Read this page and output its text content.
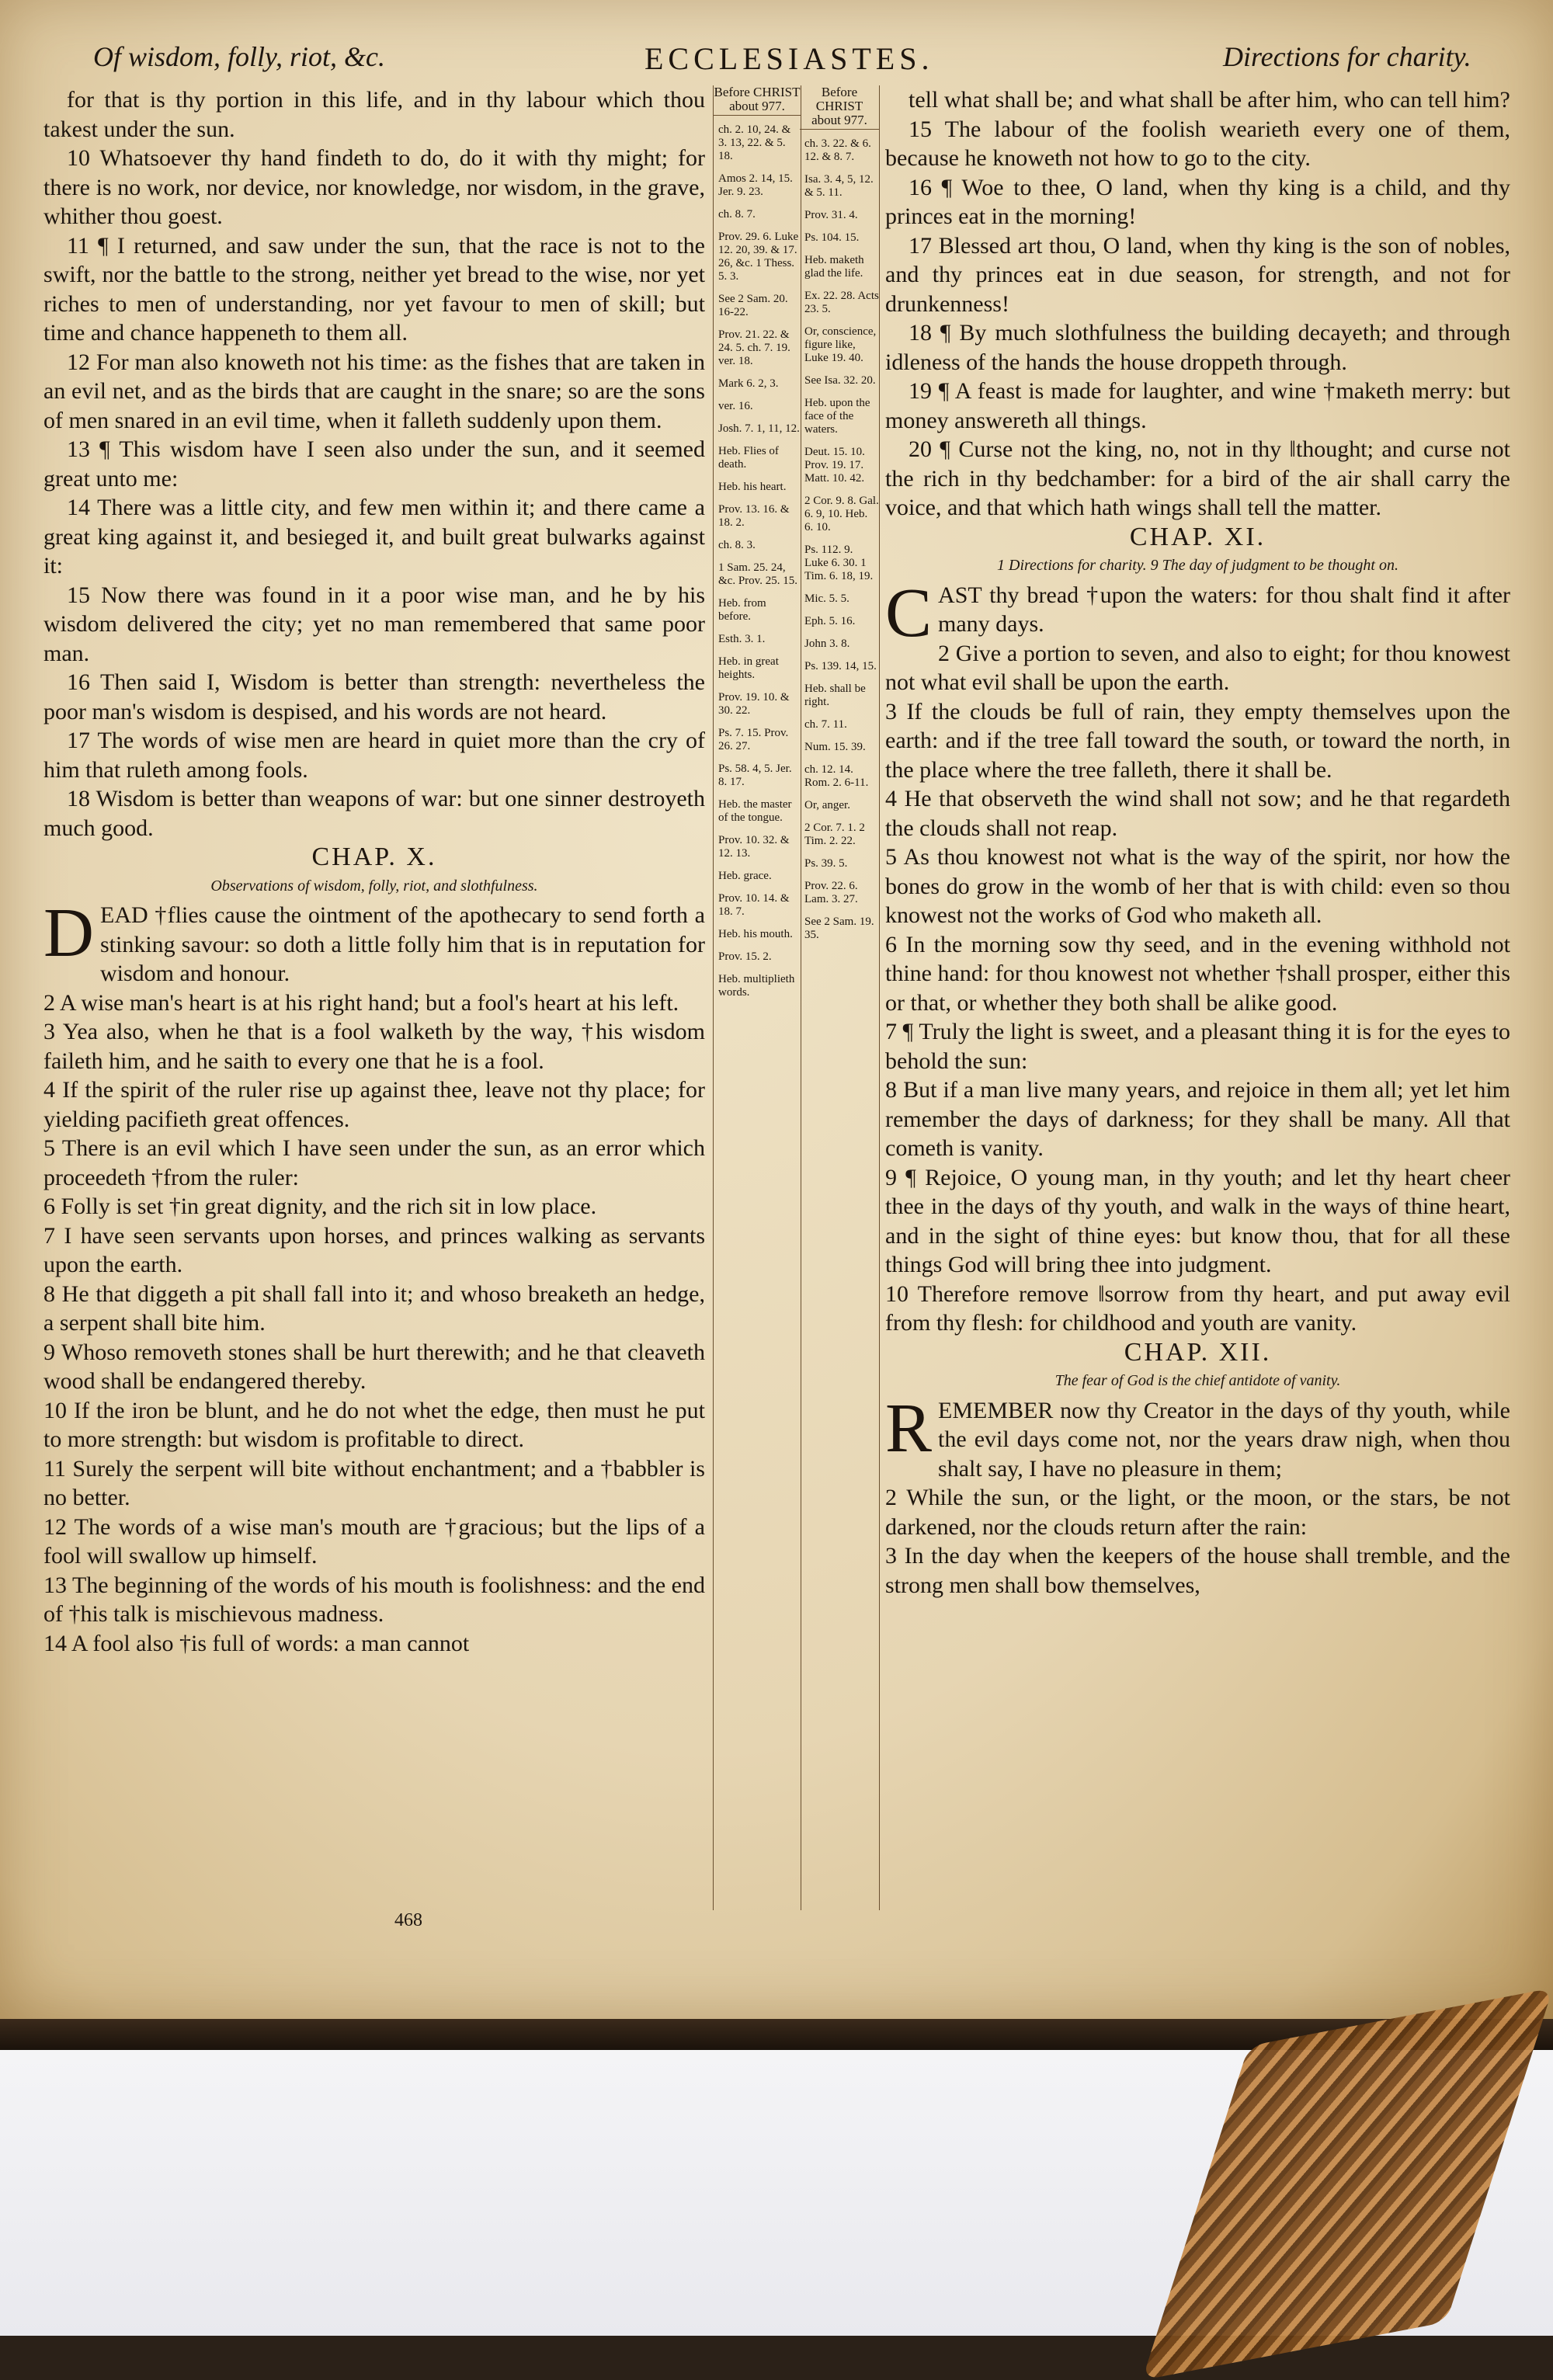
Of wisdom, folly, riot, &c.	ECCLESIASTES.	Directions for charity.

for that is thy portion in this life, and in thy labour which thou takest under the sun.

10 Whatsoever thy hand findeth to do, do it with thy might; for there is no work, nor device, nor knowledge, nor wisdom, in the grave, whither thou goest.

11 ¶ I returned, and saw under the sun, that the race is not to the swift, nor the battle to the strong, neither yet bread to the wise, nor yet riches to men of understanding, nor yet favour to men of skill; but time and chance happeneth to them all.

12 For man also knoweth not his time: as the fishes that are taken in an evil net, and as the birds that are caught in the snare; so are the sons of men snared in an evil time, when it falleth suddenly upon them.

13 ¶ This wisdom have I seen also under the sun, and it seemed great unto me:

14 There was a little city, and few men within it; and there came a great king against it, and besieged it, and built great bulwarks against it:

15 Now there was found in it a poor wise man, and he by his wisdom delivered the city; yet no man remembered that same poor man.

16 Then said I, Wisdom is better than strength: nevertheless the poor man's wisdom is despised, and his words are not heard.

17 The words of wise men are heard in quiet more than the cry of him that ruleth among fools.

18 Wisdom is better than weapons of war: but one sinner destroyeth much good.

CHAP. X.

Observations of wisdom, folly, riot, and slothfulness.

D EAD †flies cause the ointment of the apothecary to send forth a stinking savour: so doth a little folly him that is in reputation for wisdom and honour.

2 A wise man's heart is at his right hand; but a fool's heart at his left.

3 Yea also, when he that is a fool walketh by the way, †his wisdom faileth him, and he saith to every one that he is a fool.

4 If the spirit of the ruler rise up against thee, leave not thy place; for yielding pacifieth great offences.

5 There is an evil which I have seen under the sun, as an error which proceedeth †from the ruler:

6 Folly is set †in great dignity, and the rich sit in low place.

7 I have seen servants upon horses, and princes walking as servants upon the earth.

8 He that diggeth a pit shall fall into it; and whoso breaketh an hedge, a serpent shall bite him.

9 Whoso removeth stones shall be hurt therewith; and he that cleaveth wood shall be endangered thereby.

10 If the iron be blunt, and he do not whet the edge, then must he put to more strength: but wisdom is profitable to direct.

11 Surely the serpent will bite without enchantment; and a †babbler is no better.

12 The words of a wise man's mouth are †gracious; but the lips of a fool will swallow up himself.

13 The beginning of the words of his mouth is foolishness: and the end of †his talk is mischievous madness.

14 A fool also †is full of words: a man cannot

Before CHRIST about 977.
ch. 2. 10, 24. & 3. 13, 22. & 5. 18.
Amos 2. 14, 15. Jer. 9. 23.
ch. 8. 7.
Prov. 29. 6. Luke 12. 20, 39. & 17. 26, &c. 1 Thess. 5. 3.
See 2 Sam. 20. 16-22.
Prov. 21. 22. & 24. 5. ch. 7. 19. ver. 18.
Mark 6. 2, 3.
ver. 16.
Josh. 7. 1, 11, 12.
Heb. Flies of death.
Heb. his heart.
Prov. 13. 16. & 18. 2.
ch. 8. 3.
1 Sam. 25. 24, &c. Prov. 25. 15.
Heb. from before.
Esth. 3. 1.
Heb. in great heights.
Prov. 19. 10. & 30. 22.
Ps. 7. 15. Prov. 26. 27.
Ps. 58. 4, 5. Jer. 8. 17.
Heb. the master of the tongue.
Prov. 10. 32. & 12. 13.
Heb. grace.
Prov. 10. 14. & 18. 7.
Heb. his mouth.
Prov. 15. 2.
Heb. multiplieth words.
Before CHRIST about 977.
ch. 3. 22. & 6. 12. & 8. 7.
Isa. 3. 4, 5, 12. & 5. 11.
Prov. 31. 4.
Ps. 104. 15.
Heb. maketh glad the life.
Ex. 22. 28. Acts 23. 5.
Or, conscience, figure like, Luke 19. 40.
See Isa. 32. 20.
Heb. upon the face of the waters.
Deut. 15. 10. Prov. 19. 17. Matt. 10. 42.
2 Cor. 9. 8. Gal. 6. 9, 10. Heb. 6. 10.
Ps. 112. 9. Luke 6. 30. 1 Tim. 6. 18, 19.
Mic. 5. 5.
Eph. 5. 16.
John 3. 8.
Ps. 139. 14, 15.
Heb. shall be right.
ch. 7. 11.
Num. 15. 39.
ch. 12. 14. Rom. 2. 6-11.
Or, anger.
2 Cor. 7. 1. 2 Tim. 2. 22.
Ps. 39. 5.
Prov. 22. 6. Lam. 3. 27.
See 2 Sam. 19. 35.

tell what shall be; and what shall be after him, who can tell him?

15 The labour of the foolish wearieth every one of them, because he knoweth not how to go to the city.

16 ¶ Woe to thee, O land, when thy king is a child, and thy princes eat in the morning!

17 Blessed art thou, O land, when thy king is the son of nobles, and thy princes eat in due season, for strength, and not for drunkenness!

18 ¶ By much slothfulness the building decayeth; and through idleness of the hands the house droppeth through.

19 ¶ A feast is made for laughter, and wine †maketh merry: but money answereth all things.

20 ¶ Curse not the king, no, not in thy ‖thought; and curse not the rich in thy bedchamber: for a bird of the air shall carry the voice, and that which hath wings shall tell the matter.

CHAP. XI.

1 Directions for charity. 9 The day of judgment to be thought on.

C AST thy bread †upon the waters: for thou shalt find it after many days.

2 Give a portion to seven, and also to eight; for thou knowest not what evil shall be upon the earth.

3 If the clouds be full of rain, they empty themselves upon the earth: and if the tree fall toward the south, or toward the north, in the place where the tree falleth, there it shall be.

4 He that observeth the wind shall not sow; and he that regardeth the clouds shall not reap.

5 As thou knowest not what is the way of the spirit, nor how the bones do grow in the womb of her that is with child: even so thou knowest not the works of God who maketh all.

6 In the morning sow thy seed, and in the evening withhold not thine hand: for thou knowest not whether †shall prosper, either this or that, or whether they both shall be alike good.

7 ¶ Truly the light is sweet, and a pleasant thing it is for the eyes to behold the sun:

8 But if a man live many years, and rejoice in them all; yet let him remember the days of darkness; for they shall be many. All that cometh is vanity.

9 ¶ Rejoice, O young man, in thy youth; and let thy heart cheer thee in the days of thy youth, and walk in the ways of thine heart, and in the sight of thine eyes: but know thou, that for all these things God will bring thee into judgment.

10 Therefore remove ‖sorrow from thy heart, and put away evil from thy flesh: for childhood and youth are vanity.

CHAP. XII.

The fear of God is the chief antidote of vanity.

R EMEMBER now thy Creator in the days of thy youth, while the evil days come not, nor the years draw nigh, when thou shalt say, I have no pleasure in them;

2 While the sun, or the light, or the moon, or the stars, be not darkened, nor the clouds return after the rain:

3 In the day when the keepers of the house shall tremble, and the strong men shall bow themselves,

468
